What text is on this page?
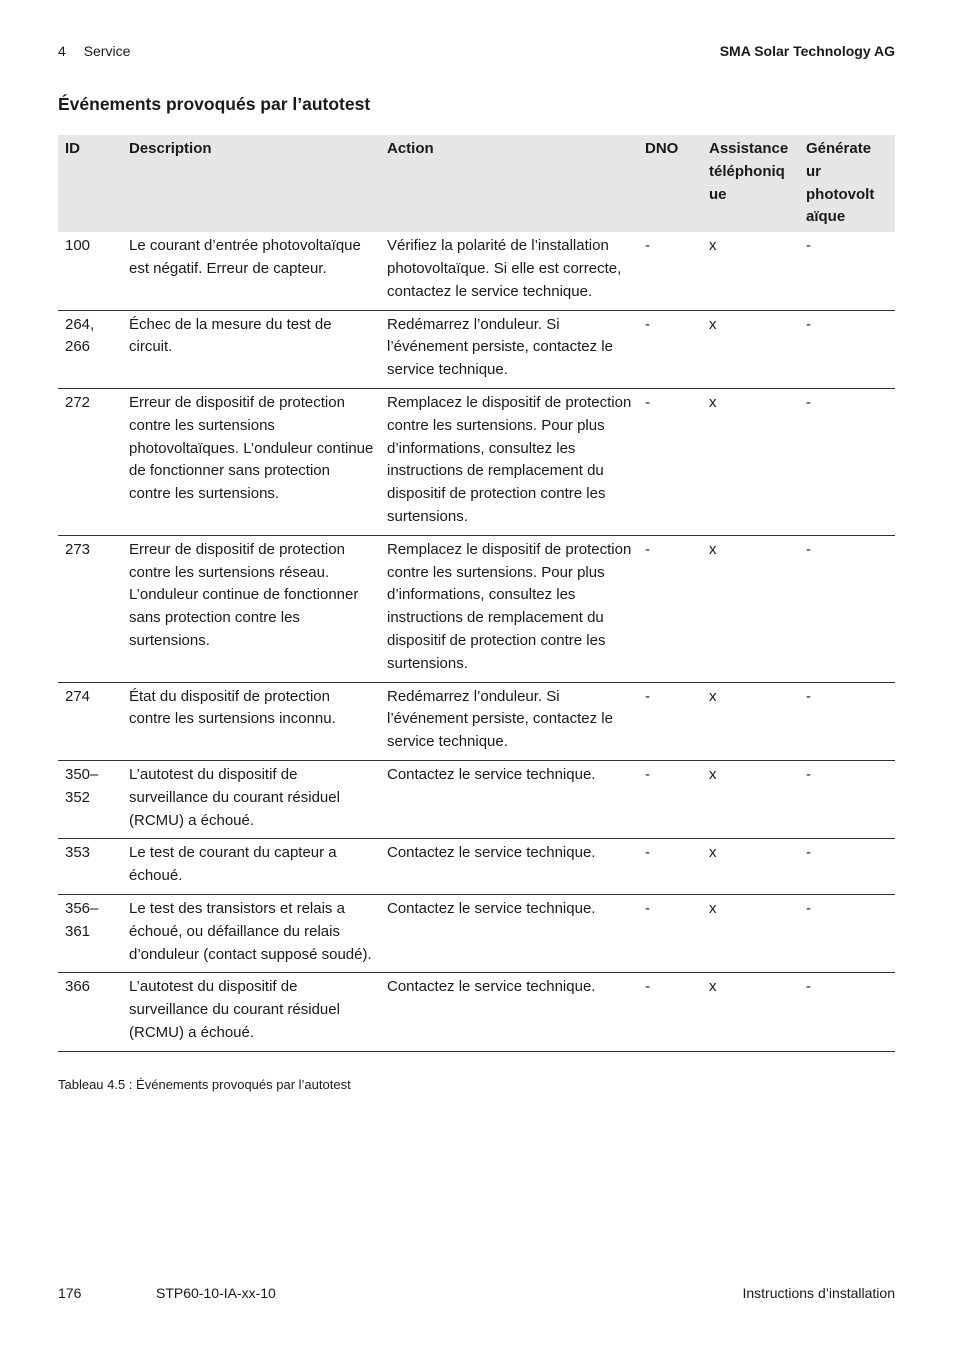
4 Service	SMA Solar Technology AG
Événements provoqués par l’autotest
ID	Description	Action	DNO	Assistance téléphoniq ue	Générate ur photovolt aïque
100	Le courant d’entrée photovoltaïque est négatif. Erreur de capteur.	Vérifiez la polarité de l’installation photovoltaïque. Si elle est correcte, contactez le service technique.	-	x	-
264, 266	Échec de la mesure du test de circuit.	Redémarrez l’onduleur. Si l’événement persiste, contactez le service technique.	-	x	-
272	Erreur de dispositif de protection contre les surtensions photovoltaïques. L’onduleur continue de fonctionner sans protection contre les surtensions.	Remplacez le dispositif de protection contre les surtensions. Pour plus d’informations, consultez les instructions de remplacement du dispositif de protection contre les surtensions.	-	x	-
273	Erreur de dispositif de protection contre les surtensions réseau. L’onduleur continue de fonctionner sans protection contre les surtensions.	Remplacez le dispositif de protection contre les surtensions. Pour plus d’informations, consultez les instructions de remplacement du dispositif de protection contre les surtensions.	-	x	-
274	État du dispositif de protection contre les surtensions inconnu.	Redémarrez l’onduleur. Si l’événement persiste, contactez le service technique.	-	x	-
350– 352	L’autotest du dispositif de surveillance du courant résiduel (RCMU) a échoué.	Contactez le service technique.	-	x	-
353	Le test de courant du capteur a échoué.	Contactez le service technique.	-	x	-
356– 361	Le test des transistors et relais a échoué, ou défaillance du relais d’onduleur (contact supposé soudé).	Contactez le service technique.	-	x	-
366	L’autotest du dispositif de surveillance du courant résiduel (RCMU) a échoué.	Contactez le service technique.	-	x	-
Tableau 4.5 : Événements provoqués par l’autotest
176	STP60-10-IA-xx-10	Instructions d’installation
